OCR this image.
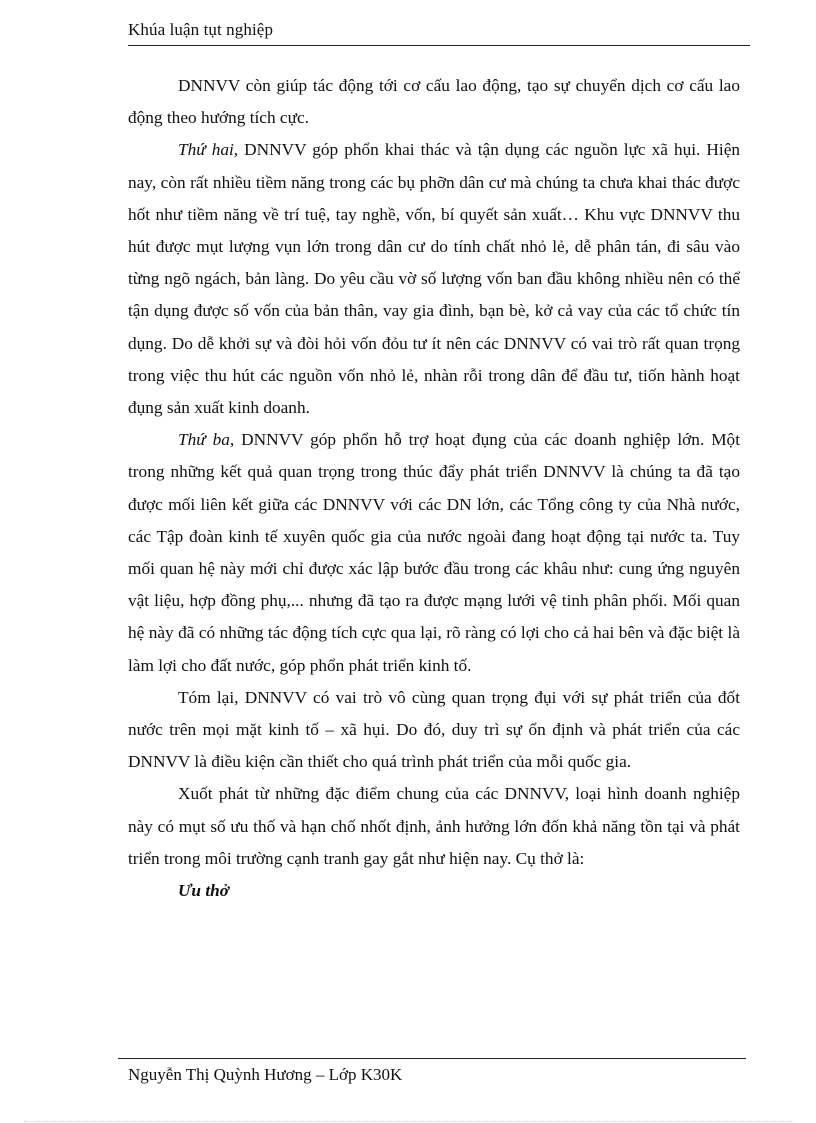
Khúa luận tụt nghiệp

DNNVV còn giúp tác động tới cơ cấu lao động, tạo sự chuyển dịch cơ cấu lao động theo hướng tích cực.

Thứ hai, DNNVV góp phổn khai thác và tận dụng các nguồn lực xã hụi. Hiện nay, còn rất nhiều tiềm năng trong các bụ phỡn dân cư mà chúng ta chưa khai thác được hốt như tiềm năng về trí tuệ, tay nghề, vốn, bí quyết sản xuất… Khu vực DNNVV thu hút được mụt lượng vụn lớn trong dân cư do tính chất nhỏ lẻ, dễ phân tán, đi sâu vào từng ngõ ngách, bản làng. Do yêu cầu vờ số lượng vốn ban đầu không nhiều nên có thể tận dụng được số vốn của bản thân, vay gia đình, bạn bè, kở cả vay của các tổ chức tín dụng. Do dễ khởi sự và đòi hỏi vốn đỏu tư ít nên các DNNVV có vai trò rất quan trọng trong việc thu hút các nguồn vốn nhỏ lẻ, nhàn rỗi trong dân để đầu tư, tiốn hành hoạt đụng sản xuất kinh doanh.

Thứ ba, DNNVV góp phổn hỗ trợ hoạt đụng của các doanh nghiệp lớn. Một trong những kết quả quan trọng trong thúc đẩy phát triển DNNVV là chúng ta đã tạo được mối liên kết giữa các DNNVV với các DN lớn, các Tổng công ty của Nhà nước, các Tập đoàn kinh tế xuyên quốc gia của nước ngoài đang hoạt động tại nước ta. Tuy mối quan hệ này mới chỉ được xác lập bước đầu trong các khâu như: cung ứng nguyên vật liệu, hợp đồng phụ,... nhưng đã tạo ra được mạng lưới vệ tinh phân phối. Mối quan hệ này đã có những tác động tích cực qua lại, rõ ràng có lợi cho cả hai bên và đặc biệt là làm lợi cho đất nước, góp phổn phát triển kinh tố.

Tóm lại, DNNVV có vai trò vô cùng quan trọng đụi với sự phát triển của đốt nước trên mọi mặt kinh tố – xã hụi. Do đó, duy trì sự ổn định và phát triển của các DNNVV là điều kiện cần thiết cho quá trình phát triển của mỗi quốc gia.

Xuốt phát từ những đặc điểm chung của các DNNVV, loại hình doanh nghiệp này có mụt số ưu thố và hạn chố nhốt định, ảnh hưởng lớn đốn khả năng tồn tại và phát triển trong môi trường cạnh tranh gay gắt như hiện nay. Cụ thở là:

Ưu thở

Nguyễn Thị Quỳnh Hương – Lớp K30K
